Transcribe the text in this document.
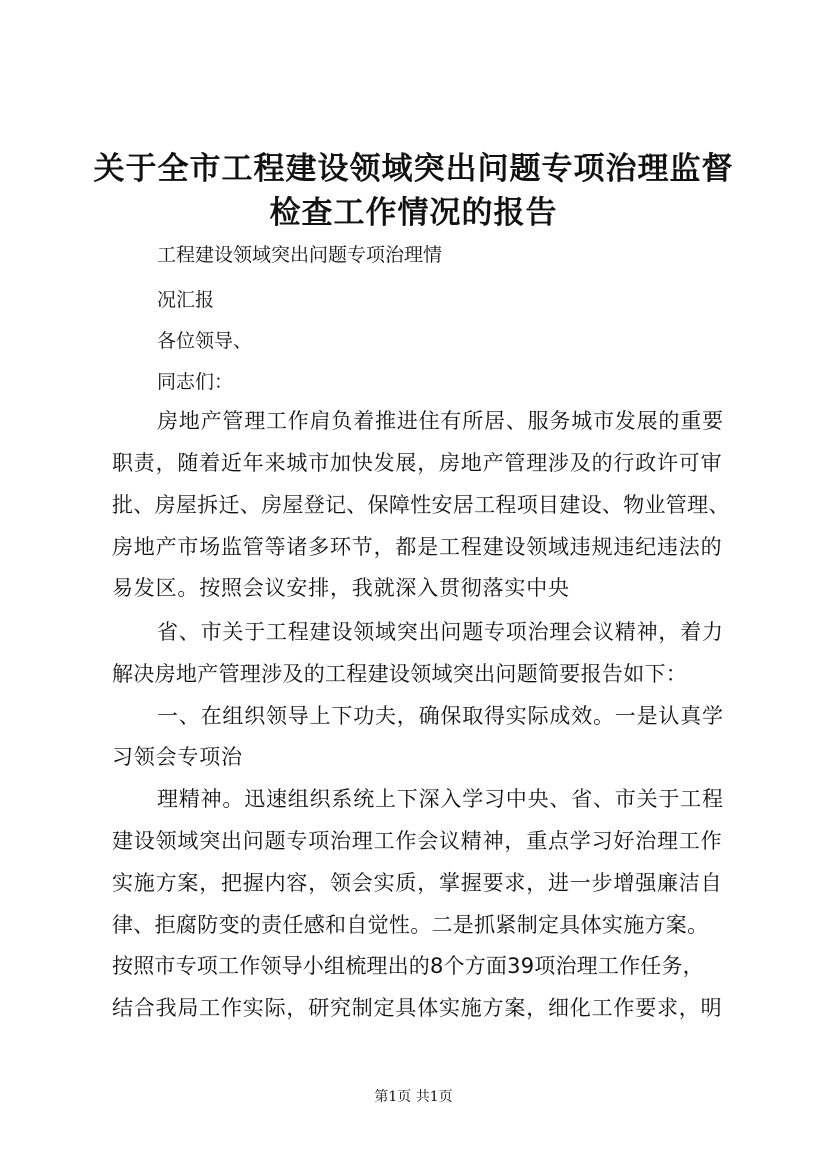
关于全市工程建设领域突出问题专项治理监督
检查工作情况的报告
工程建设领域突出问题专项治理情
况汇报
各位领导、
同志们：
房地产管理工作肩负着推进住有所居、服务城市发展的重要
职责，随着近年来城市加快发展，房地产管理涉及的行政许可审
批、房屋拆迁、房屋登记、保障性安居工程项目建设、物业管理、
房地产市场监管等诸多环节，都是工程建设领域违规违纪违法的
易发区。按照会议安排，我就深入贯彻落实中央
省、市关于工程建设领域突出问题专项治理会议精神，着力
解决房地产管理涉及的工程建设领域突出问题简要报告如下：
一、在组织领导上下功夫，确保取得实际成效。一是认真学
习领会专项治
理精神。迅速组织系统上下深入学习中央、省、市关于工程
建设领域突出问题专项治理工作会议精神，重点学习好治理工作
实施方案，把握内容，领会实质，掌握要求，进一步增强廉洁自
律、拒腐防变的责任感和自觉性。二是抓紧制定具体实施方案。
按照市专项工作领导小组梳理出的8个方面39项治理工作任务，
结合我局工作实际，研究制定具体实施方案，细化工作要求，明
第1页 共1页
